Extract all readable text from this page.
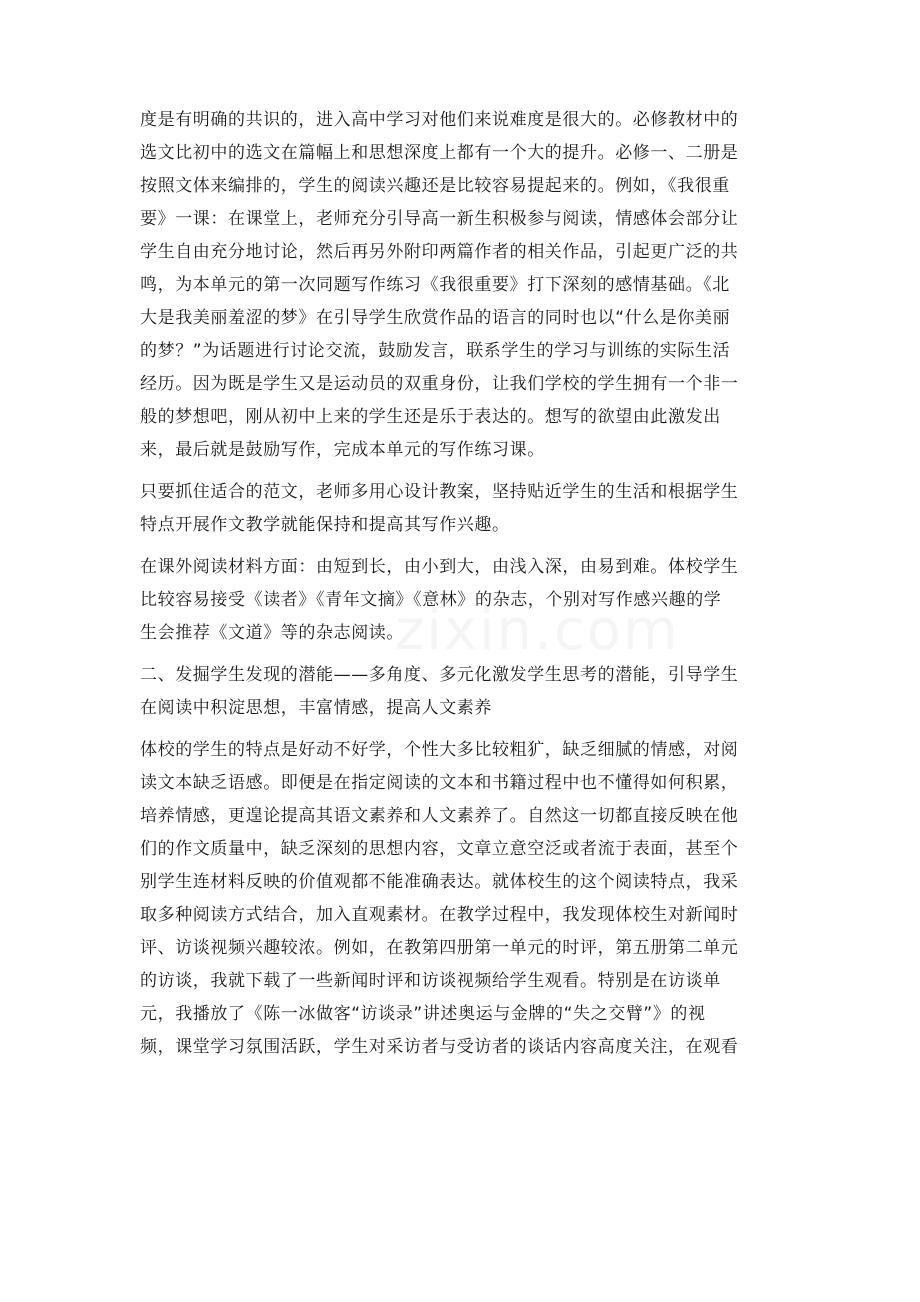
zixin.com
度是有明确的共识的，进入高中学习对他们来说难度是很大的。必修教材中的
选文比初中的选文在篇幅上和思想深度上都有一个大的提升。必修一、二册是
按照文体来编排的，学生的阅读兴趣还是比较容易提起来的。例如，《我很重
要》一课：在课堂上，老师充分引导高一新生积极参与阅读，情感体会部分让
学生自由充分地讨论，然后再另外附印两篇作者的相关作品，引起更广泛的共
鸣，为本单元的第一次同题写作练习《我很重要》打下深刻的感情基础。《北
大是我美丽羞涩的梦》在引导学生欣赏作品的语言的同时也以“什么是你美丽
的梦？”为话题进行讨论交流，鼓励发言，联系学生的学习与训练的实际生活
经历。因为既是学生又是运动员的双重身份，让我们学校的学生拥有一个非一
般的梦想吧，刚从初中上来的学生还是乐于表达的。想写的欲望由此激发出
来，最后就是鼓励写作，完成本单元的写作练习课。
只要抓住适合的范文，老师多用心设计教案，坚持贴近学生的生活和根据学生
特点开展作文教学就能保持和提高其写作兴趣。
在课外阅读材料方面：由短到长，由小到大，由浅入深，由易到难。体校学生
比较容易接受《读者》《青年文摘》《意林》的杂志，个别对写作感兴趣的学
生会推荐《文道》等的杂志阅读。
二、发掘学生发现的潜能——多角度、多元化激发学生思考的潜能，引导学生
在阅读中积淀思想，丰富情感，提高人文素养
体校的学生的特点是好动不好学，个性大多比较粗犷，缺乏细腻的情感，对阅
读文本缺乏语感。即便是在指定阅读的文本和书籍过程中也不懂得如何积累，
培养情感，更遑论提高其语文素养和人文素养了。自然这一切都直接反映在他
们的作文质量中，缺乏深刻的思想内容，文章立意空泛或者流于表面，甚至个
别学生连材料反映的价值观都不能准确表达。就体校生的这个阅读特点，我采
取多种阅读方式结合，加入直观素材。在教学过程中，我发现体校生对新闻时
评、访谈视频兴趣较浓。例如，在教第四册第一单元的时评，第五册第二单元
的访谈，我就下载了一些新闻时评和访谈视频给学生观看。特别是在访谈单
元，我播放了《陈一冰做客“访谈录”讲述奥运与金牌的“失之交臂”》的视
频，课堂学习氛围活跃，学生对采访者与受访者的谈话内容高度关注，在观看
